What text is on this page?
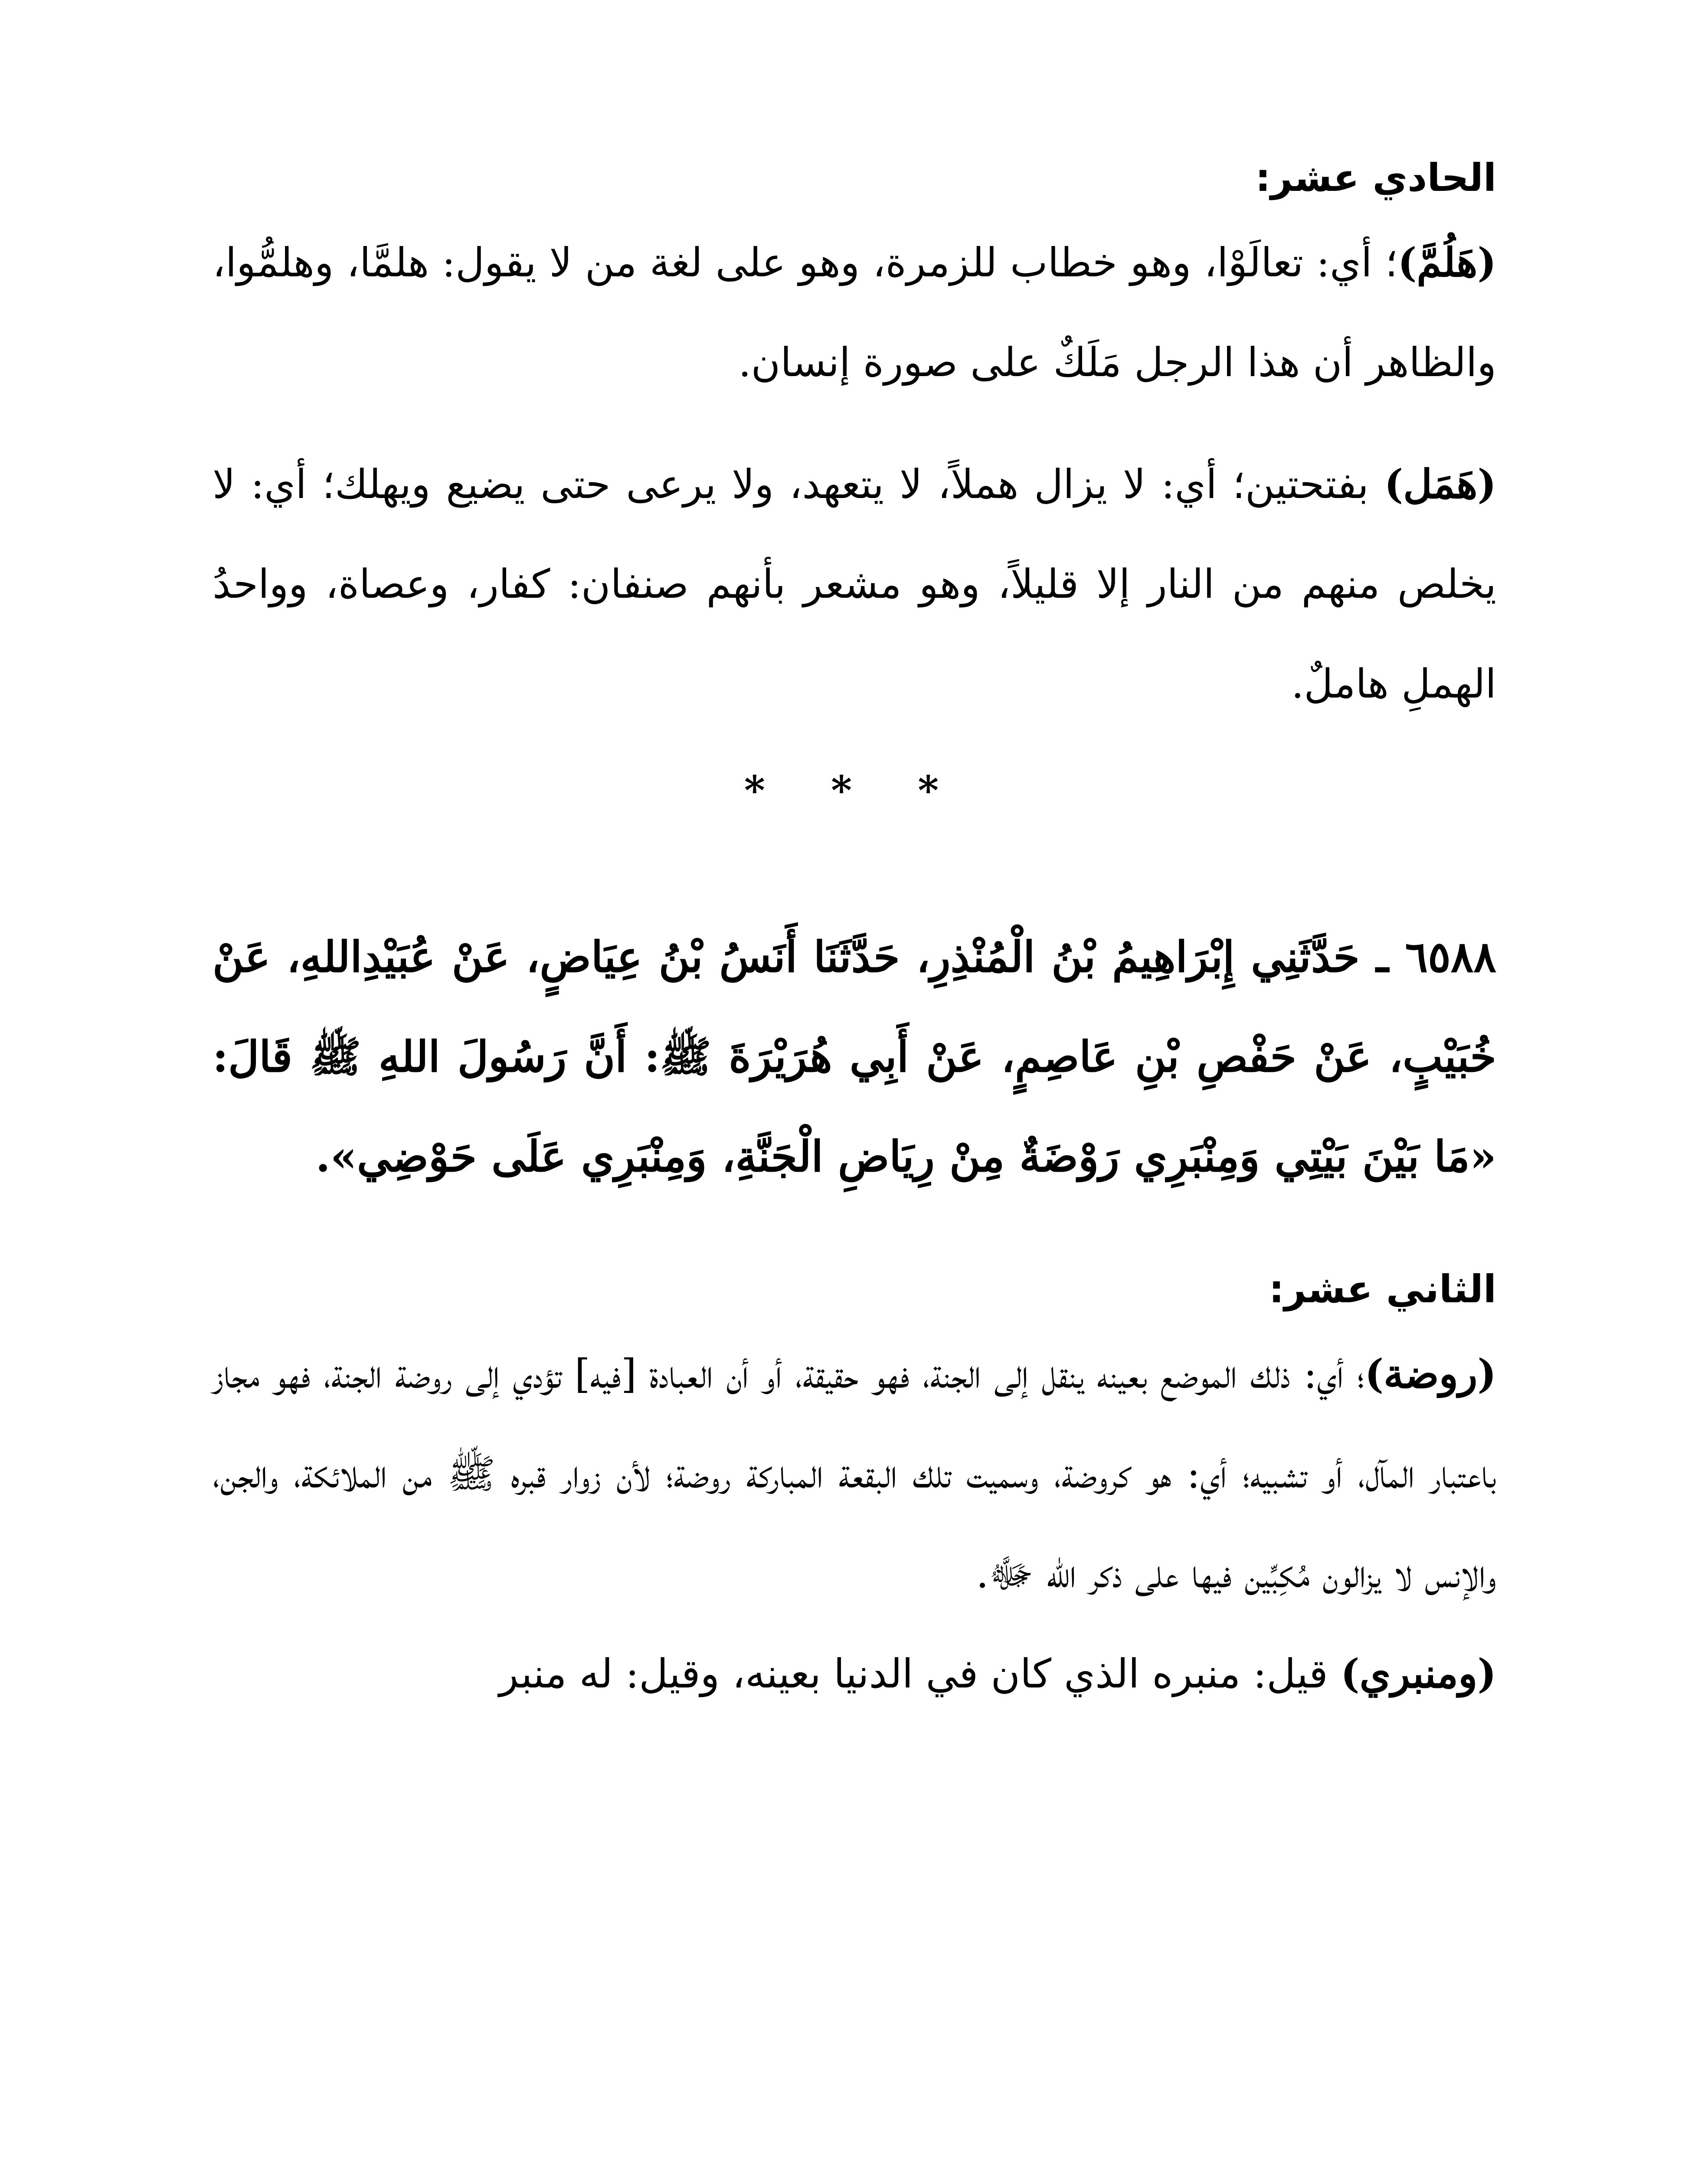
الحادي عشر:

(هَلُمَّ)؛ أي: تعالَوْا، وهو خطاب للزمرة، وهو على لغة من لا يقول: هلمَّا، وهلمُّوا، والظاهر أن هذا الرجل مَلَكٌ على صورة إنسان.

(هَمَل) بفتحتين؛ أي: لا يزال هملاً، لا يتعهد، ولا يرعى حتى يضيع ويهلك؛ أي: لا يخلص منهم من النار إلا قليلاً، وهو مشعر بأنهم صنفان: كفار، وعصاة، وواحدُ الهملِ هاملٌ.

* * *

٦٥٨٨ ـ حَدَّثَنِي إِبْرَاهِيمُ بْنُ الْمُنْذِرِ، حَدَّثَنَا أَنَسُ بْنُ عِيَاضٍ، عَنْ عُبَيْدِاللهِ، عَنْ خُبَيْبٍ، عَنْ حَفْصِ بْنِ عَاصِمٍ، عَنْ أَبِي هُرَيْرَةَ ﷺ: أَنَّ رَسُولَ اللهِ ﷺ قَالَ: «مَا بَيْنَ بَيْتِي وَمِنْبَرِي رَوْضَةٌ مِنْ رِيَاضِ الْجَنَّةِ، وَمِنْبَرِي عَلَى حَوْضِي».

الثاني عشر:

(روضة)؛ أي: ذلك الموضع بعينه ينقل إلى الجنة، فهو حقيقة، أو أن العبادة [فيه] تؤدي إلى روضة الجنة، فهو مجاز باعتبار المآل، أو تشبيه؛ أي: هو كروضة، وسميت تلك البقعة المباركة روضة؛ لأن زوار قبره ﷺ من الملائكة، والجن، والإنس لا يزالون مُكِبِّين فيها على ذكر الله ﷻ.

(ومنبري) قيل: منبره الذي كان في الدنيا بعينه، وقيل: له منبر
